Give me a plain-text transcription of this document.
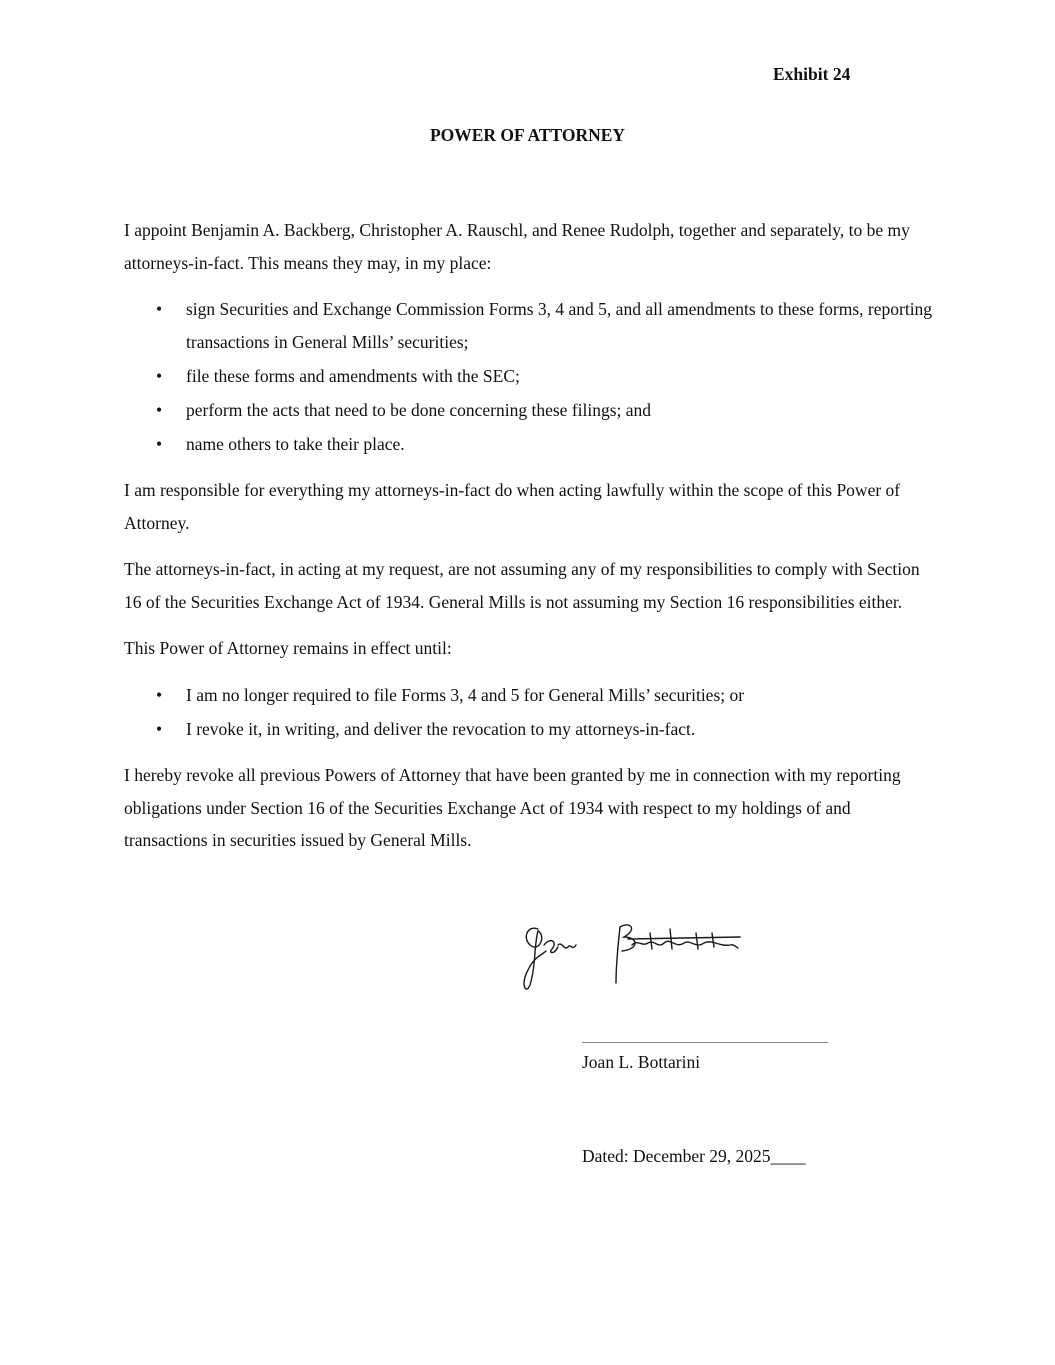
Exhibit 24
POWER OF ATTORNEY

I appoint Benjamin A. Backberg, Christopher A. Rauschl, and Renee Rudolph, together and separately, to be my attorneys-in-fact. This means they may, in my place:

• sign Securities and Exchange Commission Forms 3, 4 and 5, and all amendments to these forms, reporting transactions in General Mills’ securities;
• file these forms and amendments with the SEC;
• perform the acts that need to be done concerning these filings; and
• name others to take their place.

I am responsible for everything my attorneys-in-fact do when acting lawfully within the scope of this Power of Attorney.

The attorneys-in-fact, in acting at my request, are not assuming any of my responsibilities to comply with Section 16 of the Securities Exchange Act of 1934. General Mills is not assuming my Section 16 responsibilities either.

This Power of Attorney remains in effect until:

• I am no longer required to file Forms 3, 4 and 5 for General Mills’ securities; or
• I revoke it, in writing, and deliver the revocation to my attorneys-in-fact.

I hereby revoke all previous Powers of Attorney that have been granted by me in connection with my reporting obligations under Section 16 of the Securities Exchange Act of 1934 with respect to my holdings of and transactions in securities issued by General Mills.

Joan L. Bottarini
Dated: December 29, 2025____
